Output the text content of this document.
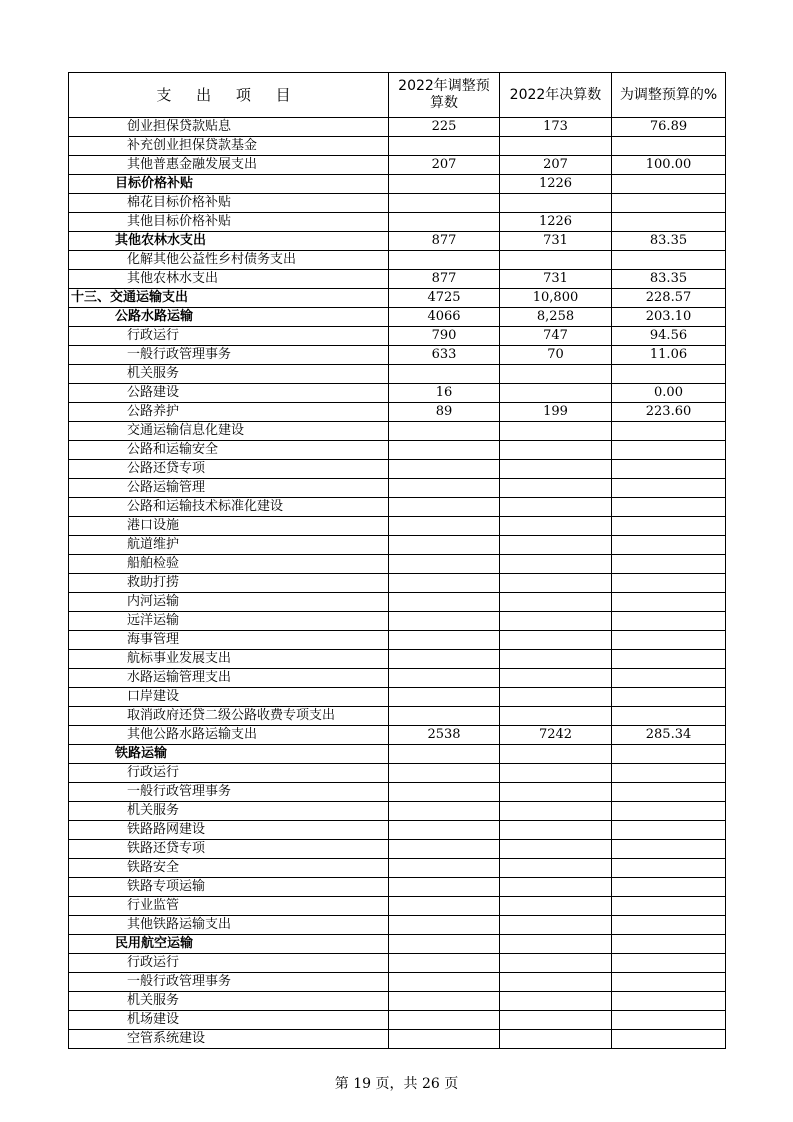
支 出 项 目	2022年调整预算数	2022年决算数	为调整预算的%
创业担保贷款贴息	225	173	76.89
补充创业担保贷款基金			
其他普惠金融发展支出	207	207	100.00
目标价格补贴		1226	
棉花目标价格补贴			
其他目标价格补贴		1226	
其他农林水支出	877	731	83.35
化解其他公益性乡村债务支出			
其他农林水支出	877	731	83.35
十三、交通运输支出	4725	10,800	228.57
公路水路运输	4066	8,258	203.10
行政运行	790	747	94.56
一般行政管理事务	633	70	11.06
机关服务			
公路建设	16		0.00
公路养护	89	199	223.60
交通运输信息化建设			
公路和运输安全			
公路还贷专项			
公路运输管理			
公路和运输技术标准化建设			
港口设施			
航道维护			
船舶检验			
救助打捞			
内河运输			
远洋运输			
海事管理			
航标事业发展支出			
水路运输管理支出			
口岸建设			
取消政府还贷二级公路收费专项支出			
其他公路水路运输支出	2538	7242	285.34
铁路运输			
行政运行			
一般行政管理事务			
机关服务			
铁路路网建设			
铁路还贷专项			
铁路安全			
铁路专项运输			
行业监管			
其他铁路运输支出			
民用航空运输			
行政运行			
一般行政管理事务			
机关服务			
机场建设			
空管系统建设			
第 19 页，共 26 页
